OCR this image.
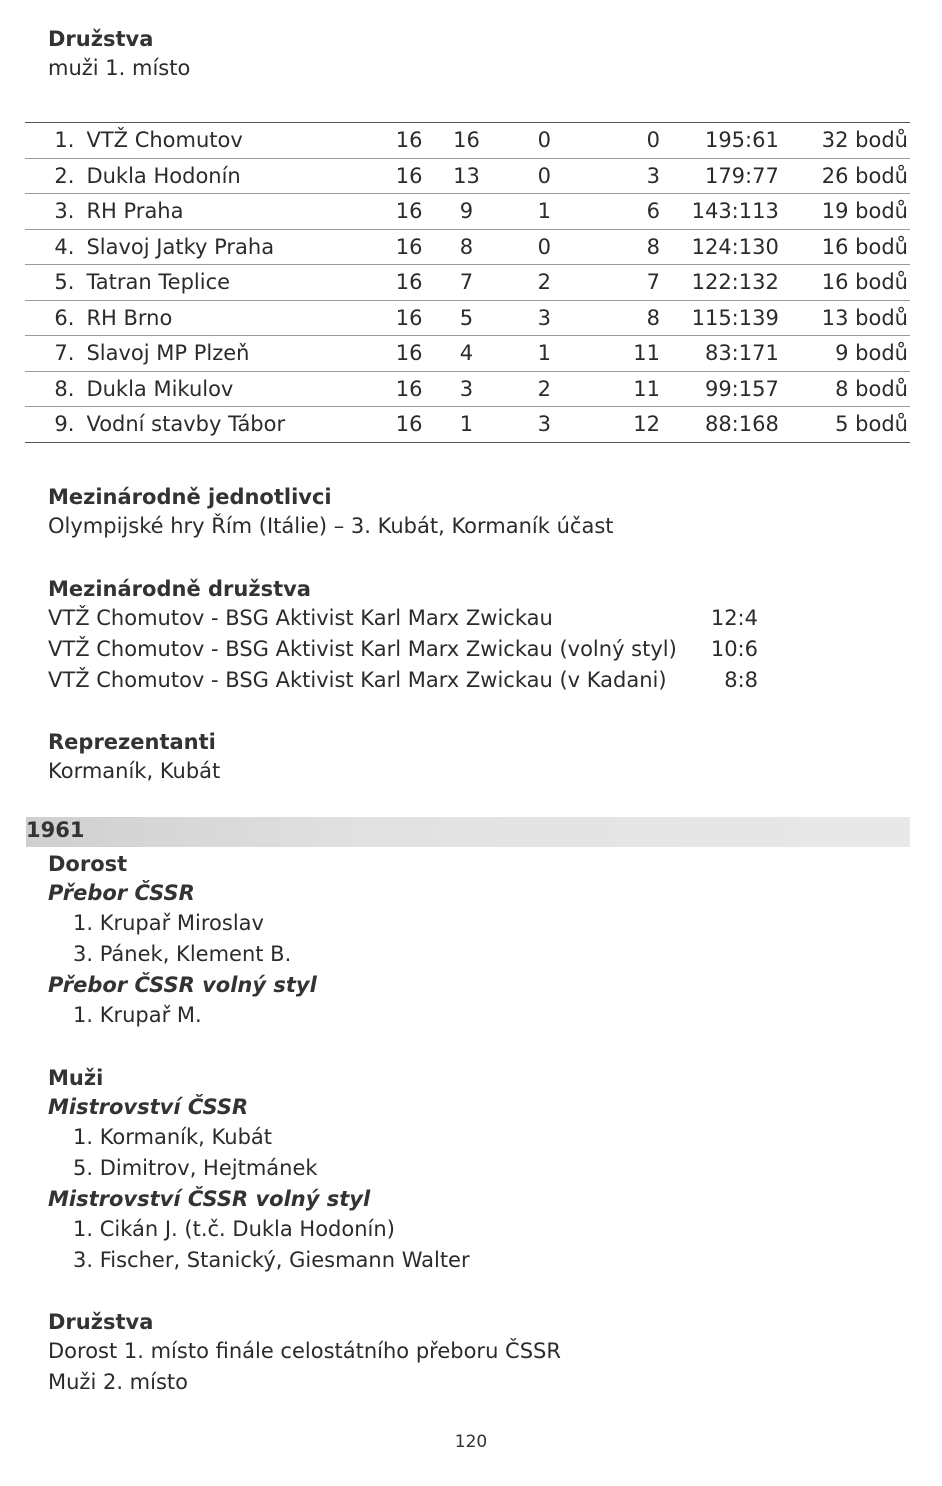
Družstva
muži 1. místo
1.	VTŽ Chomutov	16	16	0	0	195:61	32 bodů
2.	Dukla Hodonín	16	13	0	3	179:77	26 bodů
3.	RH Praha	16	9	1	6	143:113	19 bodů
4.	Slavoj Jatky Praha	16	8	0	8	124:130	16 bodů
5.	Tatran Teplice	16	7	2	7	122:132	16 bodů
6.	RH Brno	16	5	3	8	115:139	13 bodů
7.	Slavoj MP Plzeň	16	4	1	11	83:171	9 bodů
8.	Dukla Mikulov	16	3	2	11	99:157	8 bodů
9.	Vodní stavby Tábor	16	1	3	12	88:168	5 bodů
Mezinárodně jednotlivci
Olympijské hry Řím (Itálie) – 3. Kubát, Kormaník účast
Mezinárodně družstva
VTŽ Chomutov - BSG Aktivist Karl Marx Zwickau	12:4
VTŽ Chomutov - BSG Aktivist Karl Marx Zwickau (volný styl)	10:6
VTŽ Chomutov - BSG Aktivist Karl Marx Zwickau (v Kadani)	8:8
Reprezentanti
Kormaník, Kubát
1961
Dorost
Přebor ČSSR
1. Krupař Miroslav
3. Pánek, Klement B.
Přebor ČSSR volný styl
1. Krupař M.
Muži
Mistrovství ČSSR
1. Kormaník, Kubát
5. Dimitrov, Hejtmánek
Mistrovství ČSSR volný styl
1. Cikán J. (t.č. Dukla Hodonín)
3. Fischer, Stanický, Giesmann Walter
Družstva
Dorost 1. místo finále celostátního přeboru ČSSR
Muži 2. místo
120
